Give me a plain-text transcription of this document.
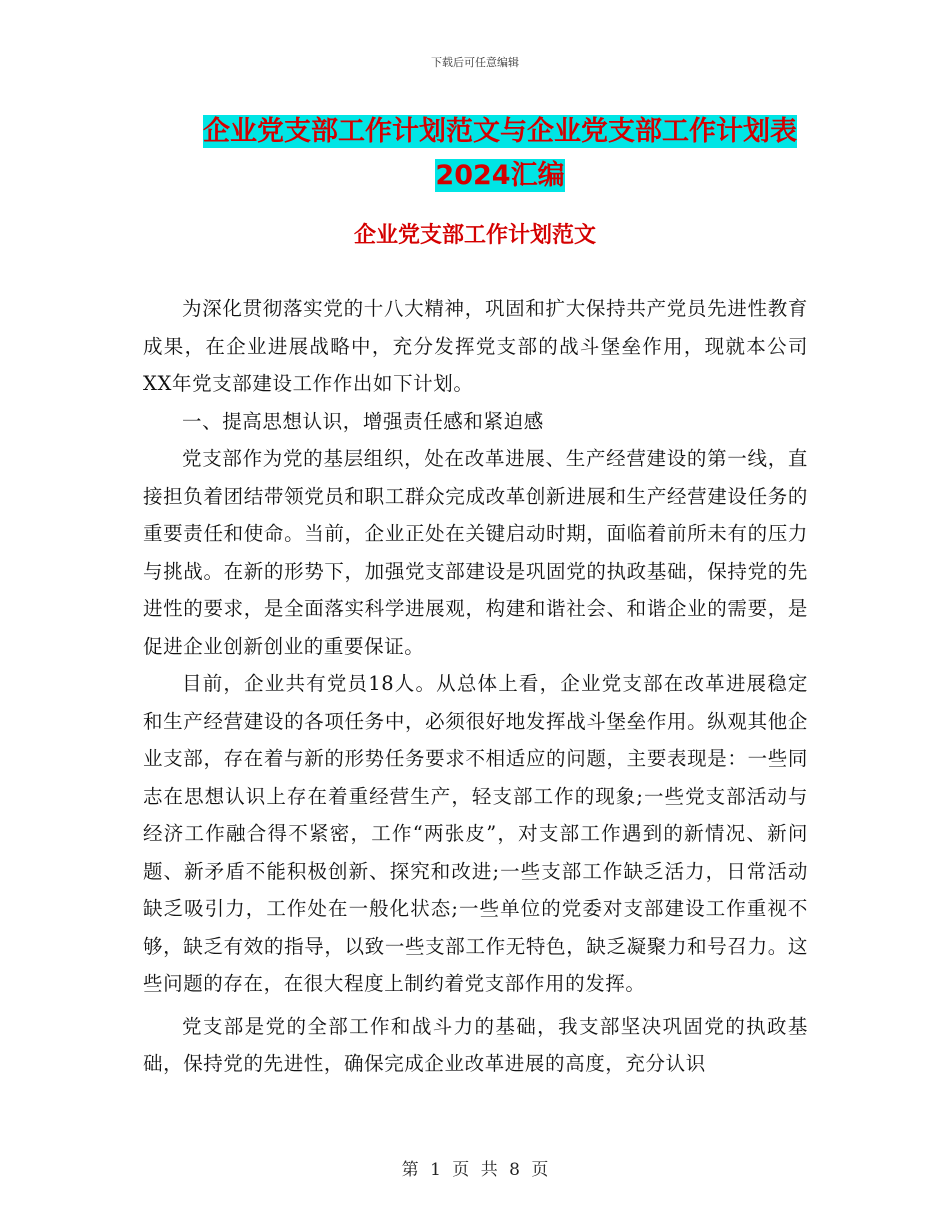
下载后可任意编辑
企业党支部工作计划范文与企业党支部工作计划表
2024汇编
企业党支部工作计划范文

为深化贯彻落实党的十八大精神，巩固和扩大保持共产党员先进性教育成果，在企业进展战略中，充分发挥党支部的战斗堡垒作用，现就本公司XX年党支部建设工作作出如下计划。

一、提高思想认识，增强责任感和紧迫感

党支部作为党的基层组织，处在改革进展、生产经营建设的第一线，直接担负着团结带领党员和职工群众完成改革创新进展和生产经营建设任务的重要责任和使命。当前，企业正处在关键启动时期，面临着前所未有的压力与挑战。在新的形势下，加强党支部建设是巩固党的执政基础，保持党的先进性的要求，是全面落实科学进展观，构建和谐社会、和谐企业的需要，是促进企业创新创业的重要保证。

目前，企业共有党员18人。从总体上看，企业党支部在改革进展稳定和生产经营建设的各项任务中，必须很好地发挥战斗堡垒作用。纵观其他企业支部，存在着与新的形势任务要求不相适应的问题，主要表现是：一些同志在思想认识上存在着重经营生产，轻支部工作的现象;一些党支部活动与经济工作融合得不紧密，工作“两张皮”，对支部工作遇到的新情况、新问题、新矛盾不能积极创新、探究和改进;一些支部工作缺乏活力，日常活动缺乏吸引力，工作处在一般化状态;一些单位的党委对支部建设工作重视不够，缺乏有效的指导，以致一些支部工作无特色，缺乏凝聚力和号召力。这些问题的存在，在很大程度上制约着党支部作用的发挥。

党支部是党的全部工作和战斗力的基础，我支部坚决巩固党的执政基础，保持党的先进性，确保完成企业改革进展的高度，充分认识

第 1 页 共 8 页
